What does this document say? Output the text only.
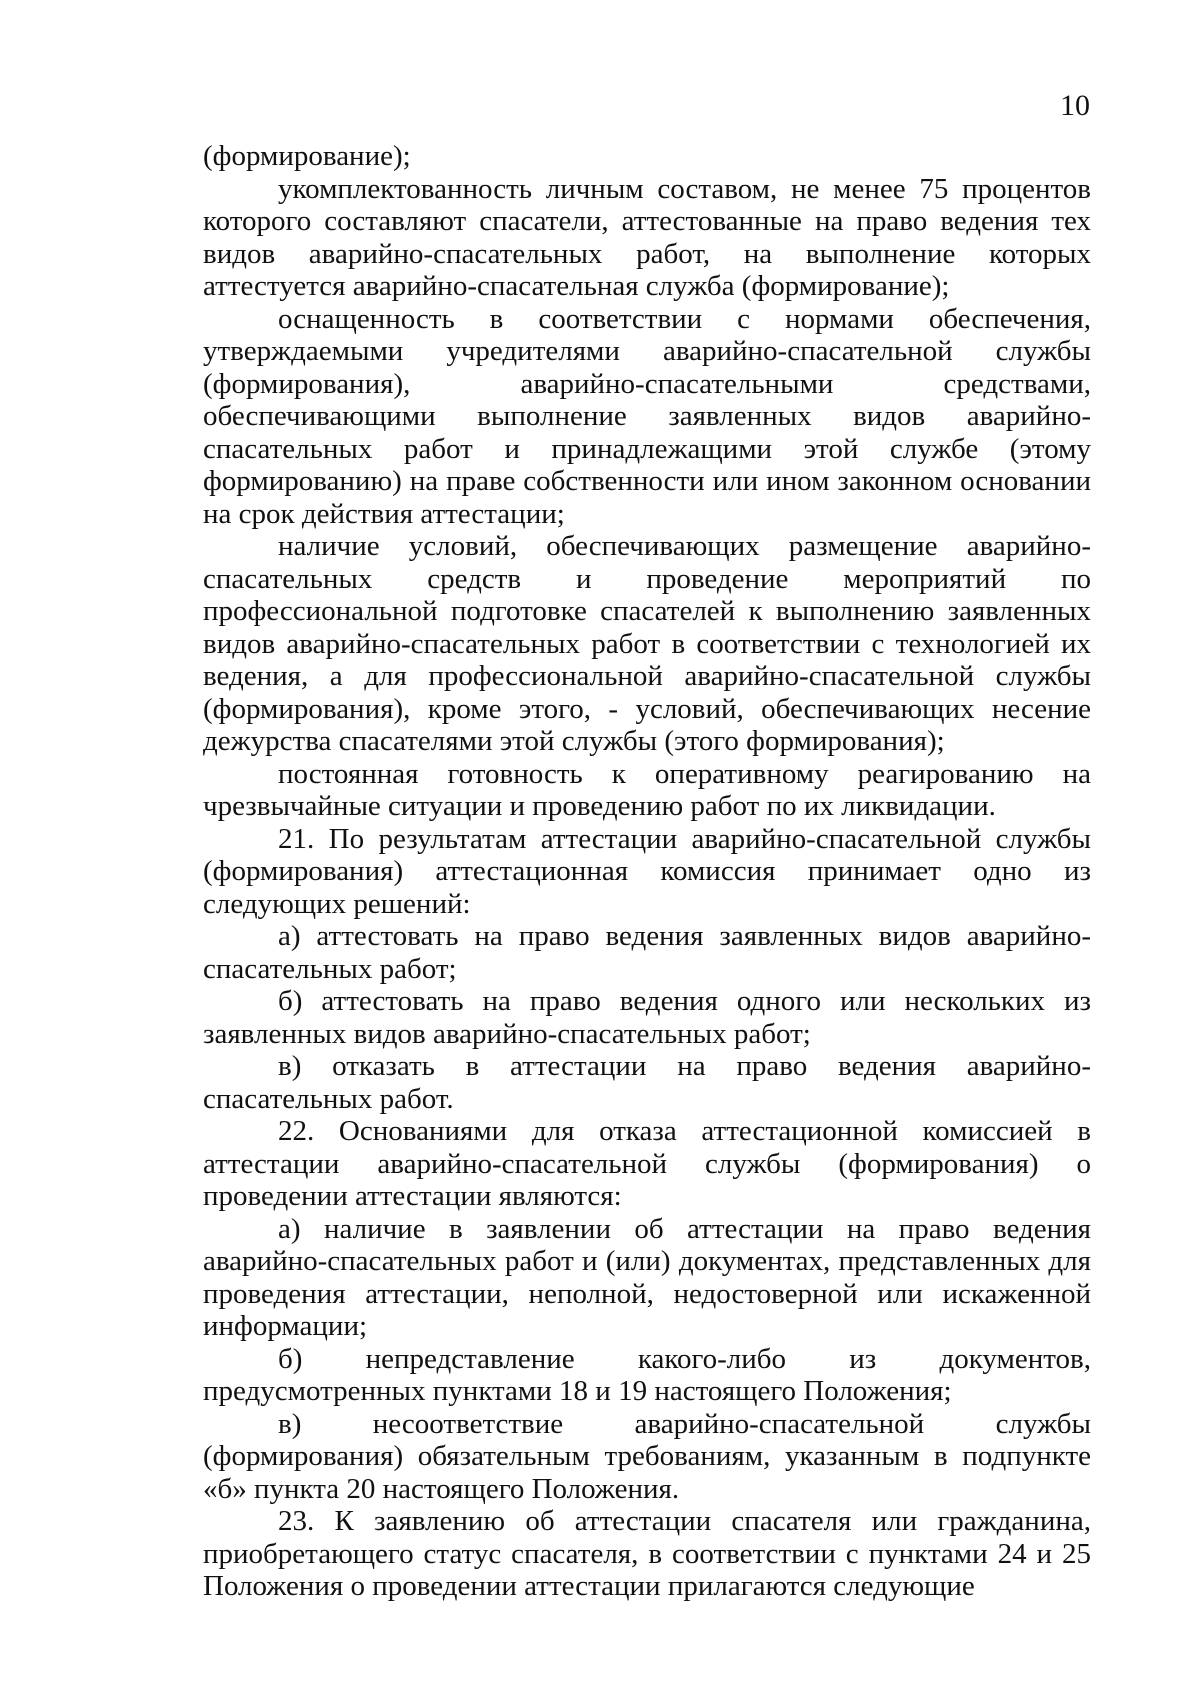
10

(формирование);

укомплектованность личным составом, не менее 75 процентов которого составляют спасатели, аттестованные на право ведения тех видов аварийно-спасательных работ, на выполнение которых аттестуется аварийно-спасательная служба (формирование);

оснащенность в соответствии с нормами обеспечения, утверждаемыми учредителями аварийно-спасательной службы (формирования), аварийно-спасательными средствами, обеспечивающими выполнение заявленных видов аварийно-спасательных работ и принадлежащими этой службе (этому формированию) на праве собственности или ином законном основании на срок действия аттестации;

наличие условий, обеспечивающих размещение аварийно-спасательных средств и проведение мероприятий по профессиональной подготовке спасателей к выполнению заявленных видов аварийно-спасательных работ в соответствии с технологией их ведения, а для профессиональной аварийно-спасательной службы (формирования), кроме этого, - условий, обеспечивающих несение дежурства спасателями этой службы (этого формирования);

постоянная готовность к оперативному реагированию на чрезвычайные ситуации и проведению работ по их ликвидации.

21. По результатам аттестации аварийно-спасательной службы (формирования) аттестационная комиссия принимает одно из следующих решений:

а) аттестовать на право ведения заявленных видов аварийно-спасательных работ;

б) аттестовать на право ведения одного или нескольких из заявленных видов аварийно-спасательных работ;

в) отказать в аттестации на право ведения аварийно-спасательных работ.

22. Основаниями для отказа аттестационной комиссией в аттестации аварийно-спасательной службы (формирования) о проведении аттестации являются:

а) наличие в заявлении об аттестации на право ведения аварийно-спасательных работ и (или) документах, представленных для проведения аттестации, неполной, недостоверной или искаженной информации;

б) непредставление какого-либо из документов, предусмотренных пунктами 18 и 19 настоящего Положения;

в) несоответствие аварийно-спасательной службы (формирования) обязательным требованиям, указанным в подпункте «б» пункта 20 настоящего Положения.

23. К заявлению об аттестации спасателя или гражданина, приобретающего статус спасателя, в соответствии с пунктами 24 и 25 Положения о проведении аттестации прилагаются следующие
